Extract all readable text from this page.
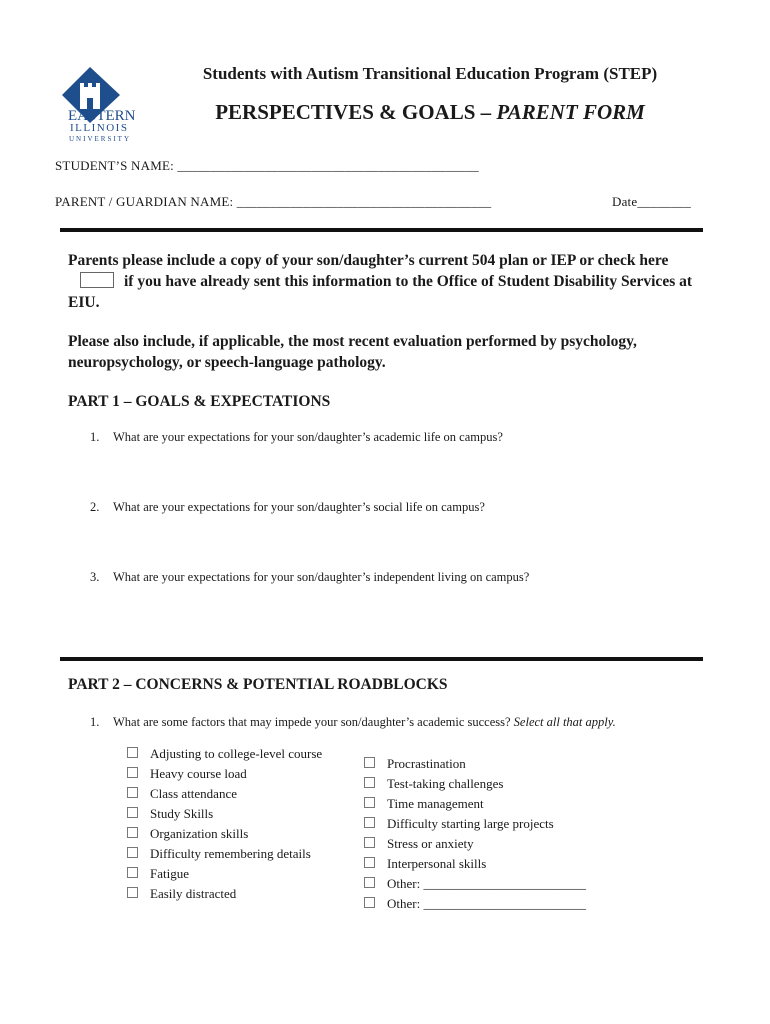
EASTERN
ILLINOIS
UNIVERSITY
Students with Autism Transitional Education Program (STEP)
PERSPECTIVES & GOALS – PARENT FORM
STUDENT’S NAME: _____________________________________________
PARENT / GUARDIAN NAME: ______________________________________	Date________
Parents please include a copy of your son/daughter’s current 504 plan or IEP or check hereif you have already sent this information to the Office of Student Disability Services at EIU.
Please also include, if applicable, the most recent evaluation performed by psychology, neuropsychology, or speech-language pathology.
PART 1 – GOALS & EXPECTATIONS
1. What are your expectations for your son/daughter’s academic life on campus?
2. What are your expectations for your son/daughter’s social life on campus?
3. What are your expectations for your son/daughter’s independent living on campus?
PART 2 – CONCERNS & POTENTIAL ROADBLOCKS
1. What are some factors that may impede your son/daughter’s academic success? Select all that apply.
Adjusting to college-level course
Heavy course load
Class attendance
Study Skills
Organization skills
Difficulty remembering details
Fatigue
Easily distracted
Procrastination
Test-taking challenges
Time management
Difficulty starting large projects
Stress or anxiety
Interpersonal skills
Other: _________________________
Other: _________________________
